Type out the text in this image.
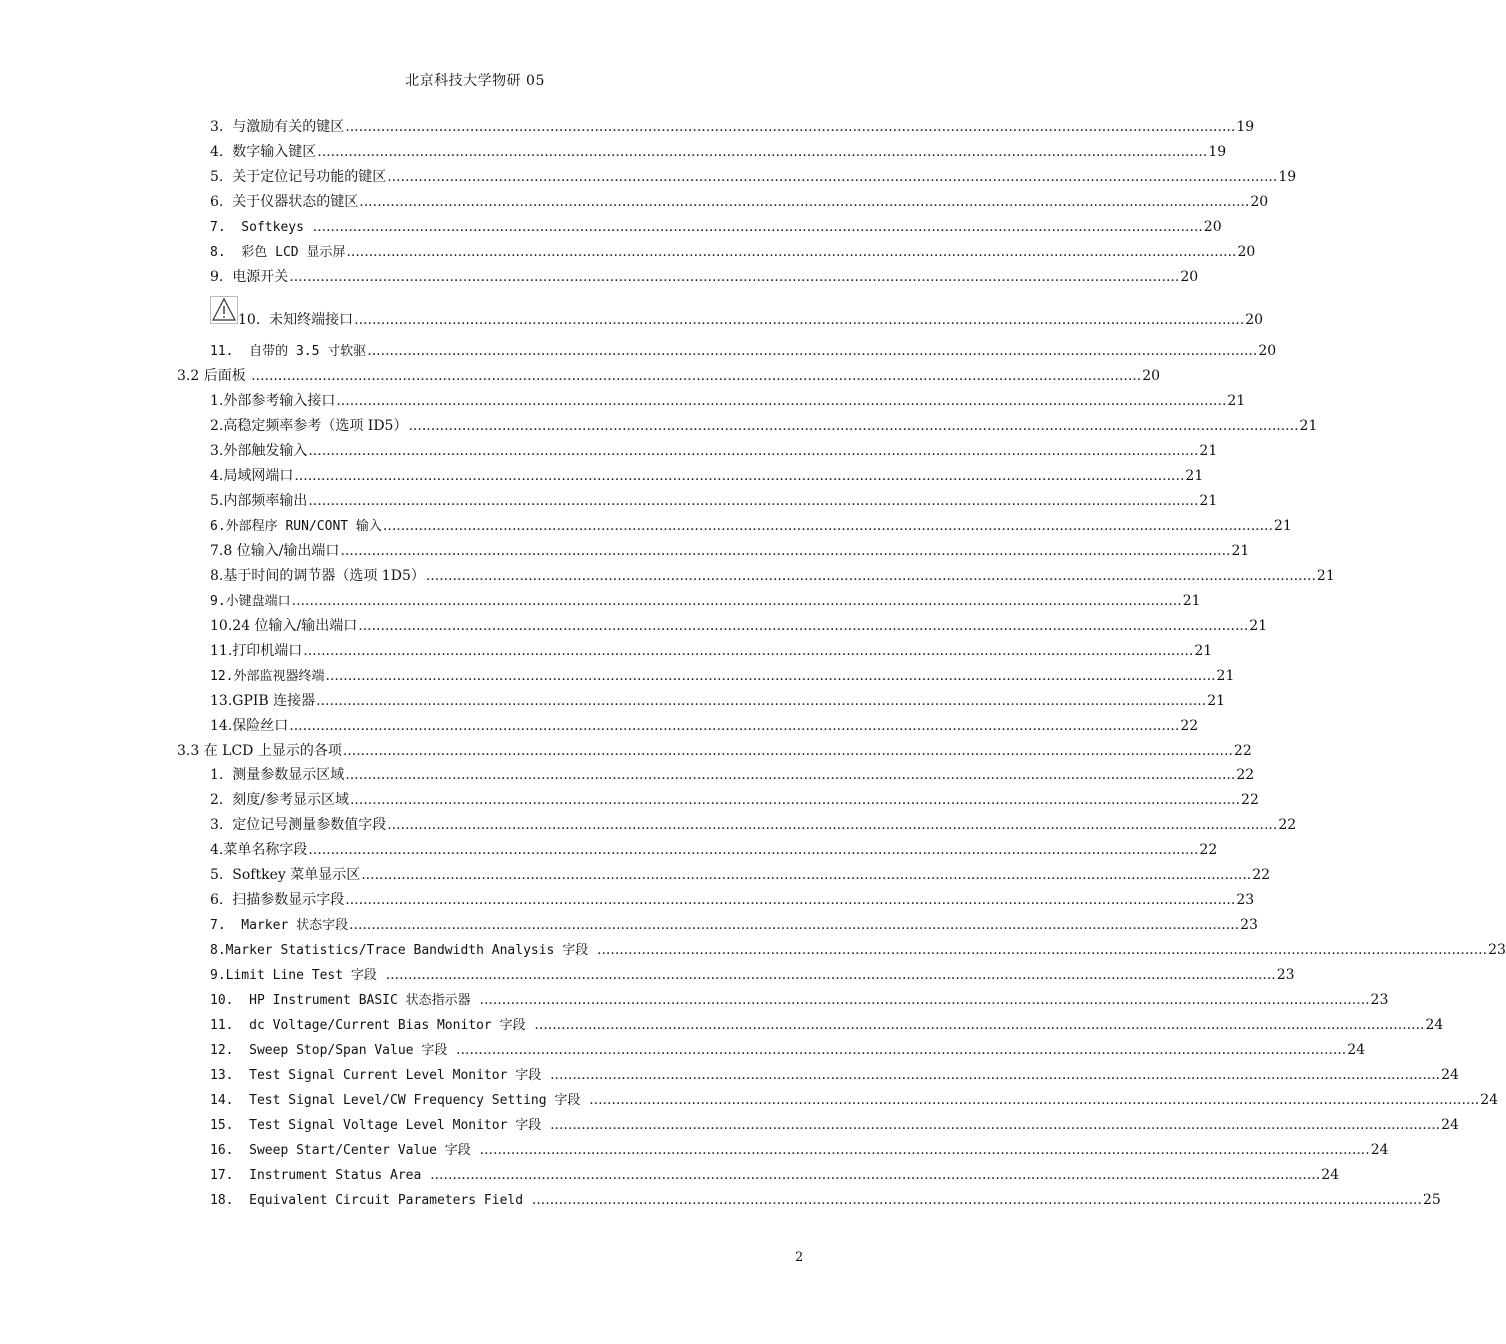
北京科技大学物研 05
3.  与激励有关的键区 ........................................................................................................................................................................................................ 19
4.  数字输入键区 ........................................................................................................................................................................................................ 19
5.  关于定位记号功能的键区 ........................................................................................................................................................................................................ 19
6.  关于仪器状态的键区 ........................................................................................................................................................................................................ 20
7.  Softkeys ........................................................................................................................................................................................................ 20
8.  彩色 LCD 显示屏 ........................................................................................................................................................................................................ 20
9.  电源开关 ........................................................................................................................................................................................................ 20
10.  未知终端接口 ........................................................................................................................................................................................................ 20
11.  自带的 3.5 寸软驱 ........................................................................................................................................................................................................ 20
3.2 后面板 ........................................................................................................................................................................................................ 20
1.外部参考输入接口 ........................................................................................................................................................................................................ 21
2.高稳定频率参考（选项 ID5） ........................................................................................................................................................................................................ 21
3.外部触发输入 ........................................................................................................................................................................................................ 21
4.局域网端口 ........................................................................................................................................................................................................ 21
5.内部频率输出 ........................................................................................................................................................................................................ 21
6.外部程序 RUN/CONT 输入 ........................................................................................................................................................................................................ 21
7.8 位输入/输出端口 ........................................................................................................................................................................................................ 21
8.基于时间的调节器（选项 1D5） ........................................................................................................................................................................................................ 21
9.小键盘端口 ........................................................................................................................................................................................................ 21
10.24 位输入/输出端口 ........................................................................................................................................................................................................ 21
11.打印机端口 ........................................................................................................................................................................................................ 21
12.外部监视器终端 ........................................................................................................................................................................................................ 21
13.GPIB 连接器 ........................................................................................................................................................................................................ 21
14.保险丝口 ........................................................................................................................................................................................................ 22
3.3 在 LCD 上显示的各项 ........................................................................................................................................................................................................ 22
1.  测量参数显示区域 ........................................................................................................................................................................................................ 22
2.  刻度/参考显示区域 ........................................................................................................................................................................................................ 22
3.  定位记号测量参数值字段 ........................................................................................................................................................................................................ 22
4.菜单名称字段 ........................................................................................................................................................................................................ 22
5.  Softkey 菜单显示区 ........................................................................................................................................................................................................ 22
6.  扫描参数显示字段 ........................................................................................................................................................................................................ 23
7.  Marker 状态字段 ........................................................................................................................................................................................................ 23
8.Marker Statistics/Trace Bandwidth Analysis 字段 ........................................................................................................................................................................................................ 23
9.Limit Line Test 字段 ........................................................................................................................................................................................................ 23
10.  HP Instrument BASIC 状态指示器 ........................................................................................................................................................................................................ 23
11.  dc Voltage/Current Bias Monitor 字段 ........................................................................................................................................................................................................ 24
12.  Sweep Stop/Span Value 字段 ........................................................................................................................................................................................................ 24
13.  Test Signal Current Level Monitor 字段 ........................................................................................................................................................................................................ 24
14.  Test Signal Level/CW Frequency Setting 字段 ........................................................................................................................................................................................................ 24
15.  Test Signal Voltage Level Monitor 字段 ........................................................................................................................................................................................................ 24
16.  Sweep Start/Center Value 字段 ........................................................................................................................................................................................................ 24
17.  Instrument Status Area ........................................................................................................................................................................................................ 24
18.  Equivalent Circuit Parameters Field ........................................................................................................................................................................................................ 25
2
